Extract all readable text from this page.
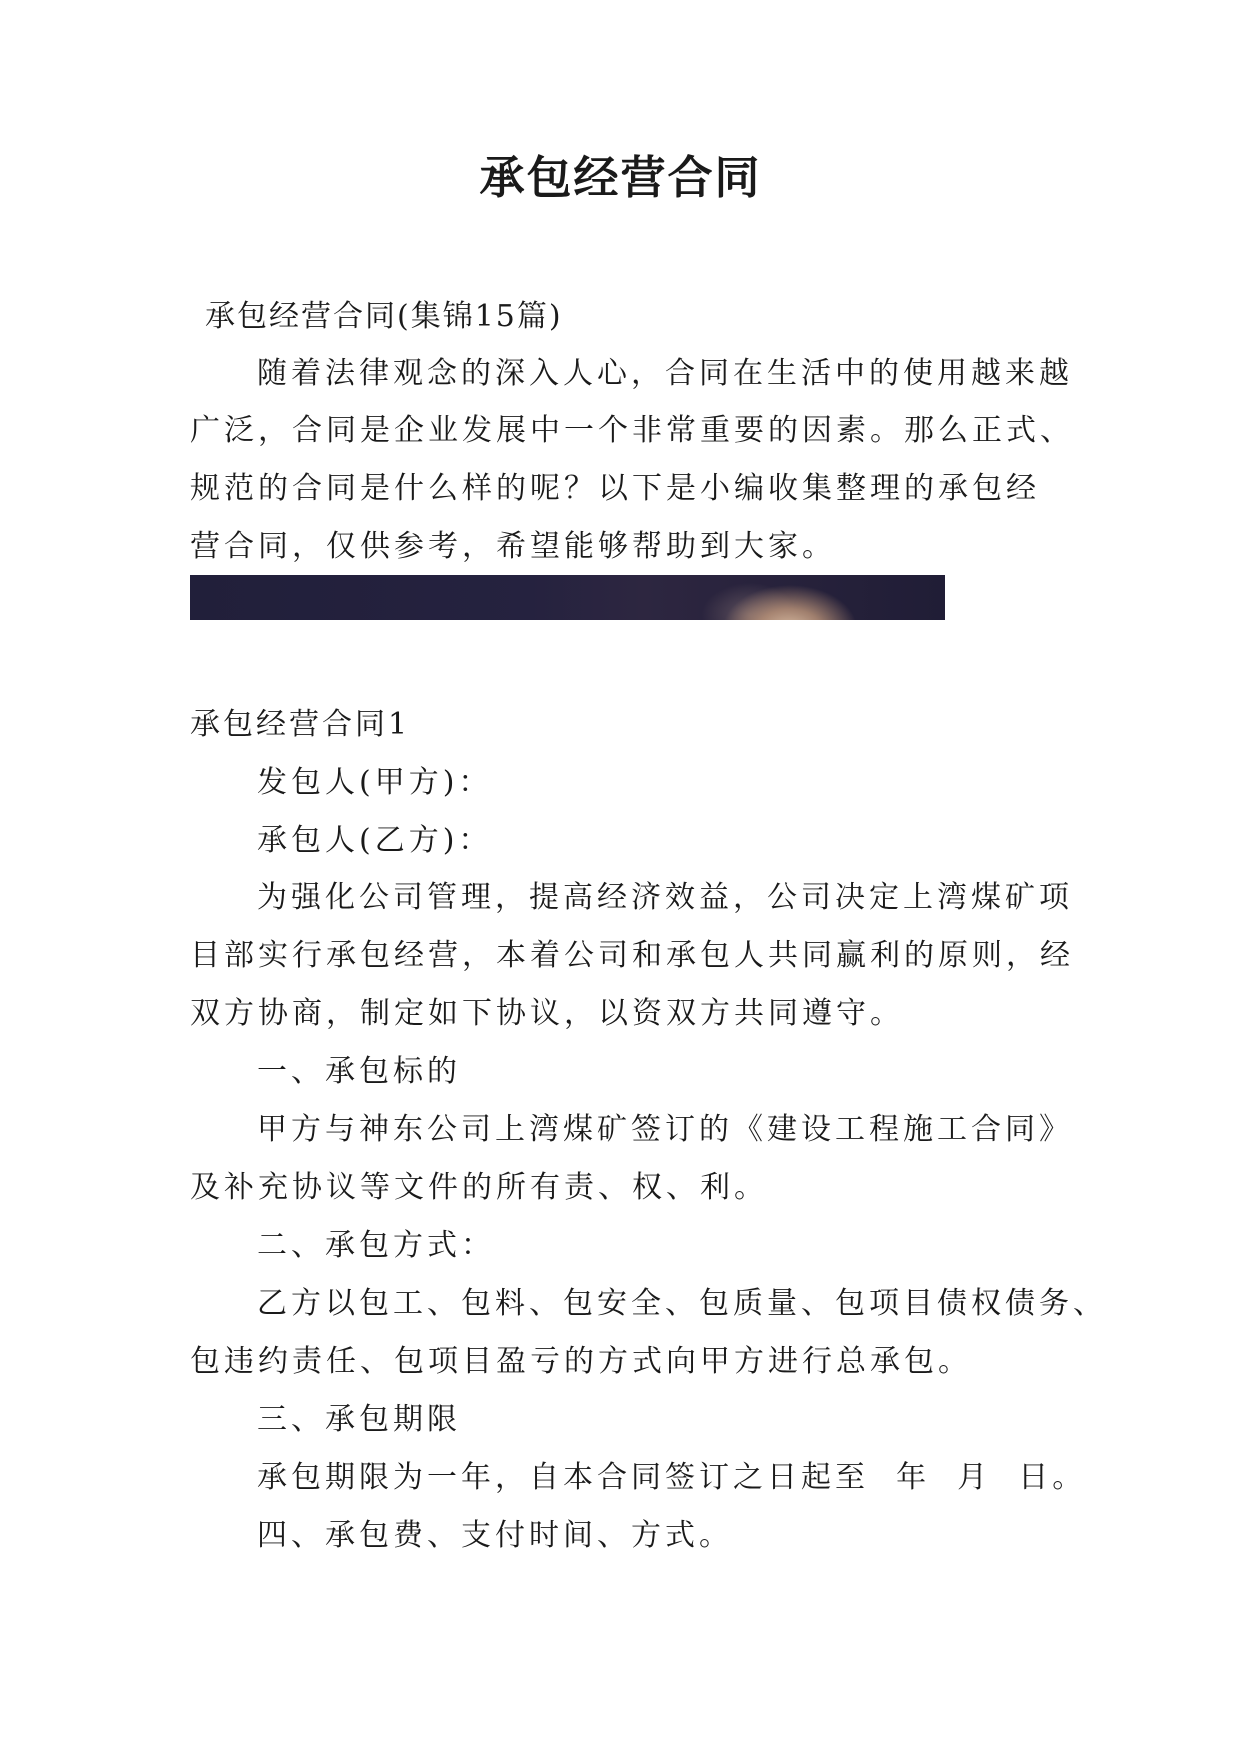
承包经营合同
承包经营合同(集锦15篇)
随着法律观念的深入人心，合同在生活中的使用越来越
广泛，合同是企业发展中一个非常重要的因素。那么正式、
规范的合同是什么样的呢？以下是小编收集整理的承包经
营合同，仅供参考，希望能够帮助到大家。
承包经营合同1
发包人(甲方)：
承包人(乙方)：
为强化公司管理，提高经济效益，公司决定上湾煤矿项
目部实行承包经营，本着公司和承包人共同赢利的原则，经
双方协商，制定如下协议，以资双方共同遵守。
一、承包标的
甲方与神东公司上湾煤矿签订的《建设工程施工合同》
及补充协议等文件的所有责、权、利。
二、承包方式：
乙方以包工、包料、包安全、包质量、包项目债权债务、
包违约责任、包项目盈亏的方式向甲方进行总承包。
三、承包期限
承包期限为一年，自本合同签订之日起至  年  月  日。
四、承包费、支付时间、方式。
